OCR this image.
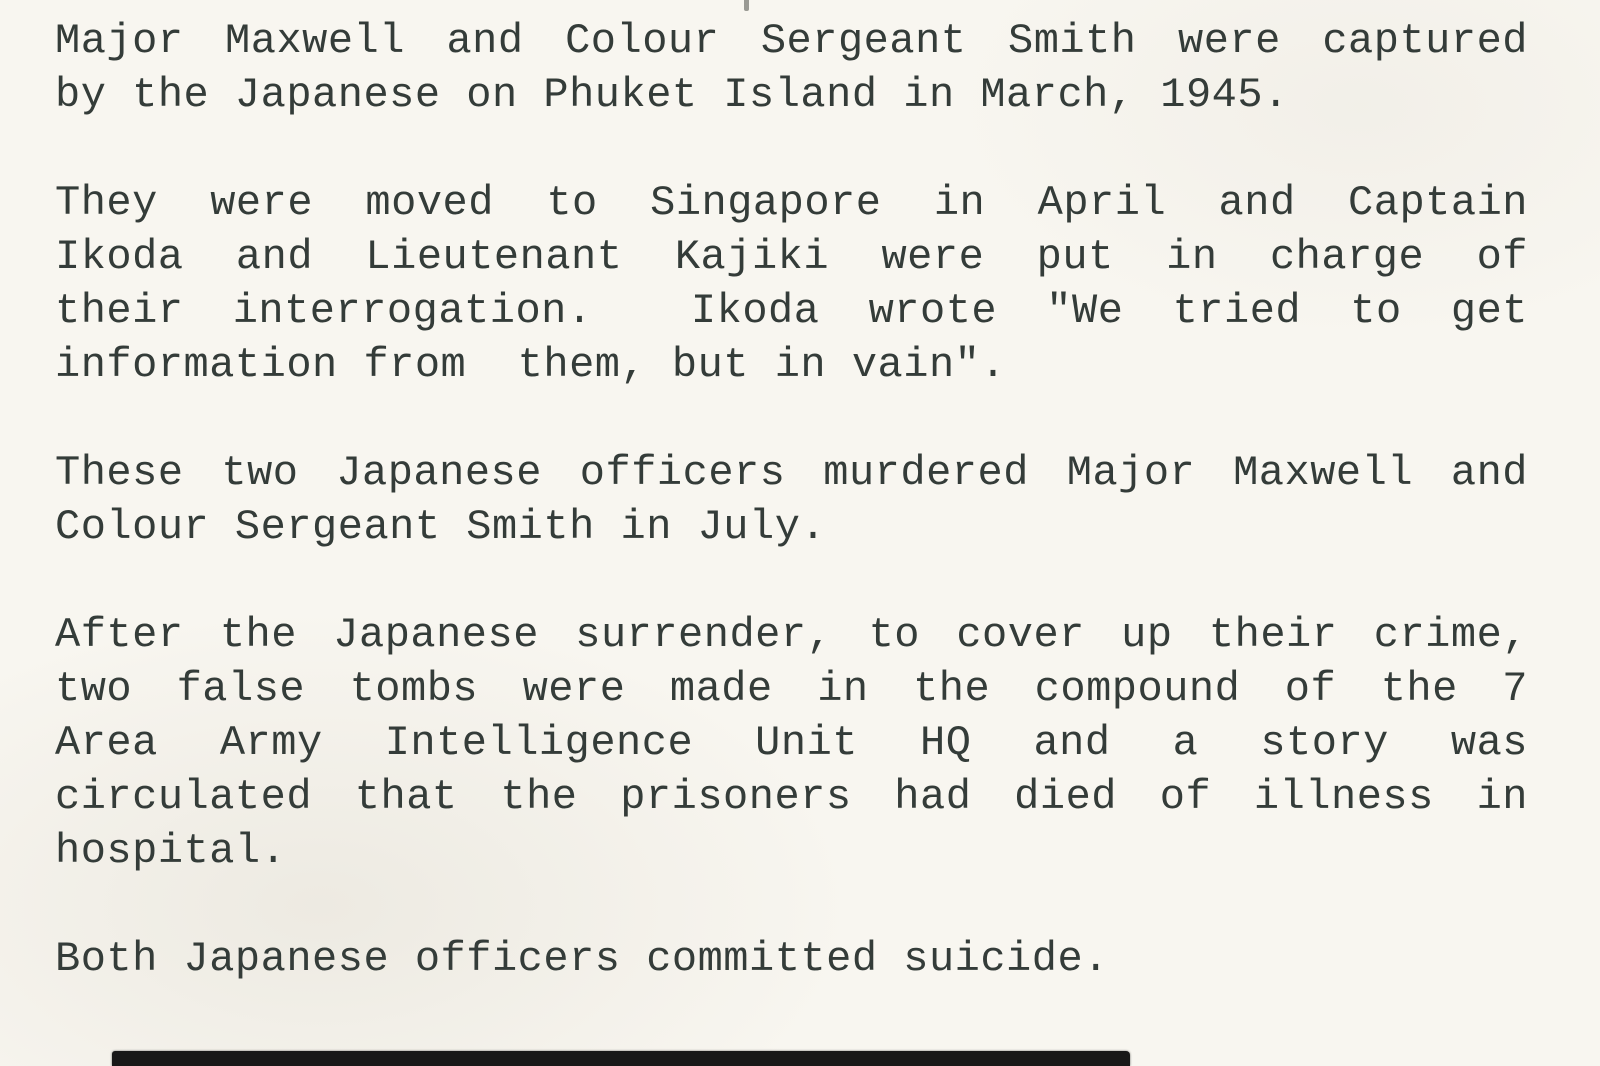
Major Maxwell and Colour Sergeant Smith were captured
by the Japanese on Phuket Island in March, 1945.

They were moved to Singapore in April and Captain
Ikoda and Lieutenant Kajiki were put in charge of
their interrogation.  Ikoda wrote "We tried to get
information from  them, but in vain".

These two Japanese officers murdered Major Maxwell and
Colour Sergeant Smith in July.

After the Japanese surrender, to cover up their crime,
two false tombs were made in the compound of the 7
Area Army Intelligence Unit HQ and a story was
circulated that the prisoners had died of illness in
hospital.

Both Japanese officers committed suicide.
